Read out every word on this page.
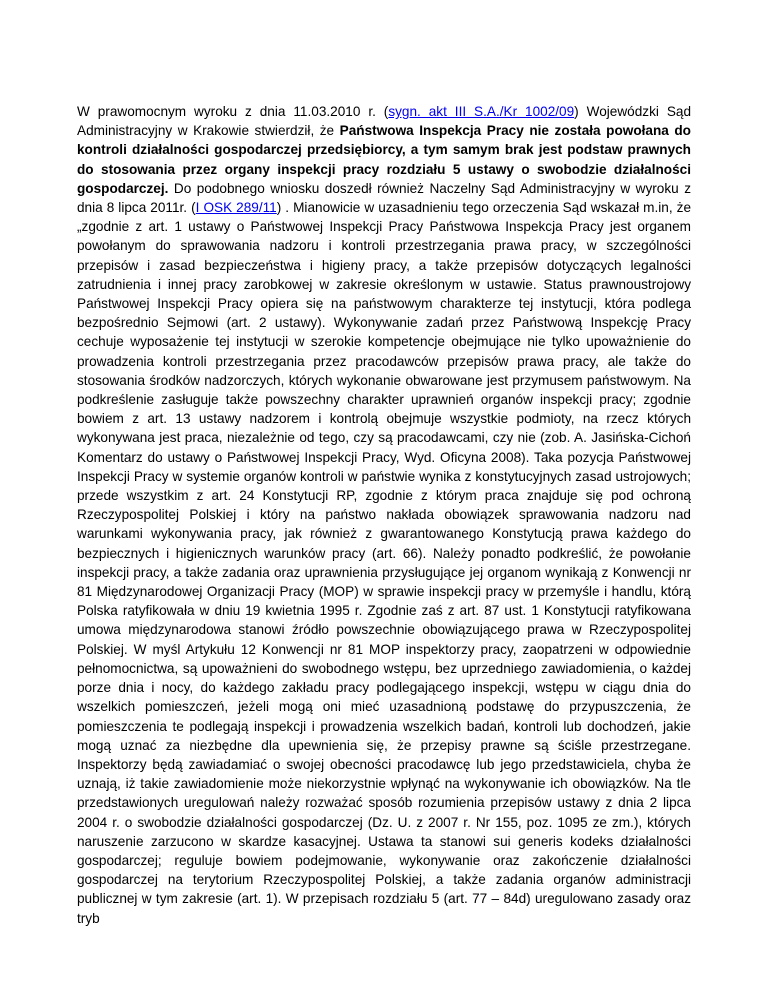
W prawomocnym wyroku z dnia 11.03.2010 r. (sygn. akt III S.A./Kr 1002/09) Wojewódzki Sąd Administracyjny w Krakowie stwierdził, że Państwowa Inspekcja Pracy nie została powołana do kontroli działalności gospodarczej przedsiębiorcy, a tym samym brak jest podstaw prawnych do stosowania przez organy inspekcji pracy rozdziału 5 ustawy o swobodzie działalności gospodarczej. Do podobnego wniosku doszedł również Naczelny Sąd Administracyjny w wyroku z dnia 8 lipca 2011r. (I OSK 289/11) . Mianowicie w uzasadnieniu tego orzeczenia Sąd wskazał m.in, że „zgodnie z art. 1 ustawy o Państwowej Inspekcji Pracy Państwowa Inspekcja Pracy jest organem powołanym do sprawowania nadzoru i kontroli przestrzegania prawa pracy, w szczególności przepisów i zasad bezpieczeństwa i higieny pracy, a także przepisów dotyczących legalności zatrudnienia i innej pracy zarobkowej w zakresie określonym w ustawie. Status prawnoustrojowy Państwowej Inspekcji Pracy opiera się na państwowym charakterze tej instytucji, która podlega bezpośrednio Sejmowi (art. 2 ustawy). Wykonywanie zadań przez Państwową Inspekcję Pracy cechuje wyposażenie tej instytucji w szerokie kompetencje obejmujące nie tylko upoważnienie do prowadzenia kontroli przestrzegania przez pracodawców przepisów prawa pracy, ale także do stosowania środków nadzorczych, których wykonanie obwarowane jest przymusem państwowym. Na podkreślenie zasługuje także powszechny charakter uprawnień organów inspekcji pracy; zgodnie bowiem z art. 13 ustawy nadzorem i kontrolą obejmuje wszystkie podmioty, na rzecz których wykonywana jest praca, niezależnie od tego, czy są pracodawcami, czy nie (zob. A. Jasińska-Cichoń Komentarz do ustawy o Państwowej Inspekcji Pracy, Wyd. Oficyna 2008). Taka pozycja Państwowej Inspekcji Pracy w systemie organów kontroli w państwie wynika z konstytucyjnych zasad ustrojowych; przede wszystkim z art. 24 Konstytucji RP, zgodnie z którym praca znajduje się pod ochroną Rzeczypospolitej Polskiej i który na państwo nakłada obowiązek sprawowania nadzoru nad warunkami wykonywania pracy, jak również z gwarantowanego Konstytucją prawa każdego do bezpiecznych i higienicznych warunków pracy (art. 66). Należy ponadto podkreślić, że powołanie inspekcji pracy, a także zadania oraz uprawnienia przysługujące jej organom wynikają z Konwencji nr 81 Międzynarodowej Organizacji Pracy (MOP) w sprawie inspekcji pracy w przemyśle i handlu, którą Polska ratyfikowała w dniu 19 kwietnia 1995 r. Zgodnie zaś z art. 87 ust. 1 Konstytucji ratyfikowana umowa międzynarodowa stanowi źródło powszechnie obowiązującego prawa w Rzeczypospolitej Polskiej. W myśl Artykułu 12 Konwencji nr 81 MOP inspektorzy pracy, zaopatrzeni w odpowiednie pełnomocnictwa, są upoważnieni do swobodnego wstępu, bez uprzedniego zawiadomienia, o każdej porze dnia i nocy, do każdego zakładu pracy podlegającego inspekcji, wstępu w ciągu dnia do wszelkich pomieszczeń, jeżeli mogą oni mieć uzasadnioną podstawę do przypuszczenia, że pomieszczenia te podlegają inspekcji i prowadzenia wszelkich badań, kontroli lub dochodzeń, jakie mogą uznać za niezbędne dla upewnienia się, że przepisy prawne są ściśle przestrzegane. Inspektorzy będą zawiadamiać o swojej obecności pracodawcę lub jego przedstawiciela, chyba że uznają, iż takie zawiadomienie może niekorzystnie wpłynąć na wykonywanie ich obowiązków. Na tle przedstawionych uregulowań należy rozważać sposób rozumienia przepisów ustawy z dnia 2 lipca 2004 r. o swobodzie działalności gospodarczej (Dz. U. z 2007 r. Nr 155, poz. 1095 ze zm.), których naruszenie zarzucono w skardze kasacyjnej. Ustawa ta stanowi sui generis kodeks działalności gospodarczej; reguluje bowiem podejmowanie, wykonywanie oraz zakończenie działalności gospodarczej na terytorium Rzeczypospolitej Polskiej, a także zadania organów administracji publicznej w tym zakresie (art. 1). W przepisach rozdziału 5 (art. 77 – 84d) uregulowano zasady oraz tryb
